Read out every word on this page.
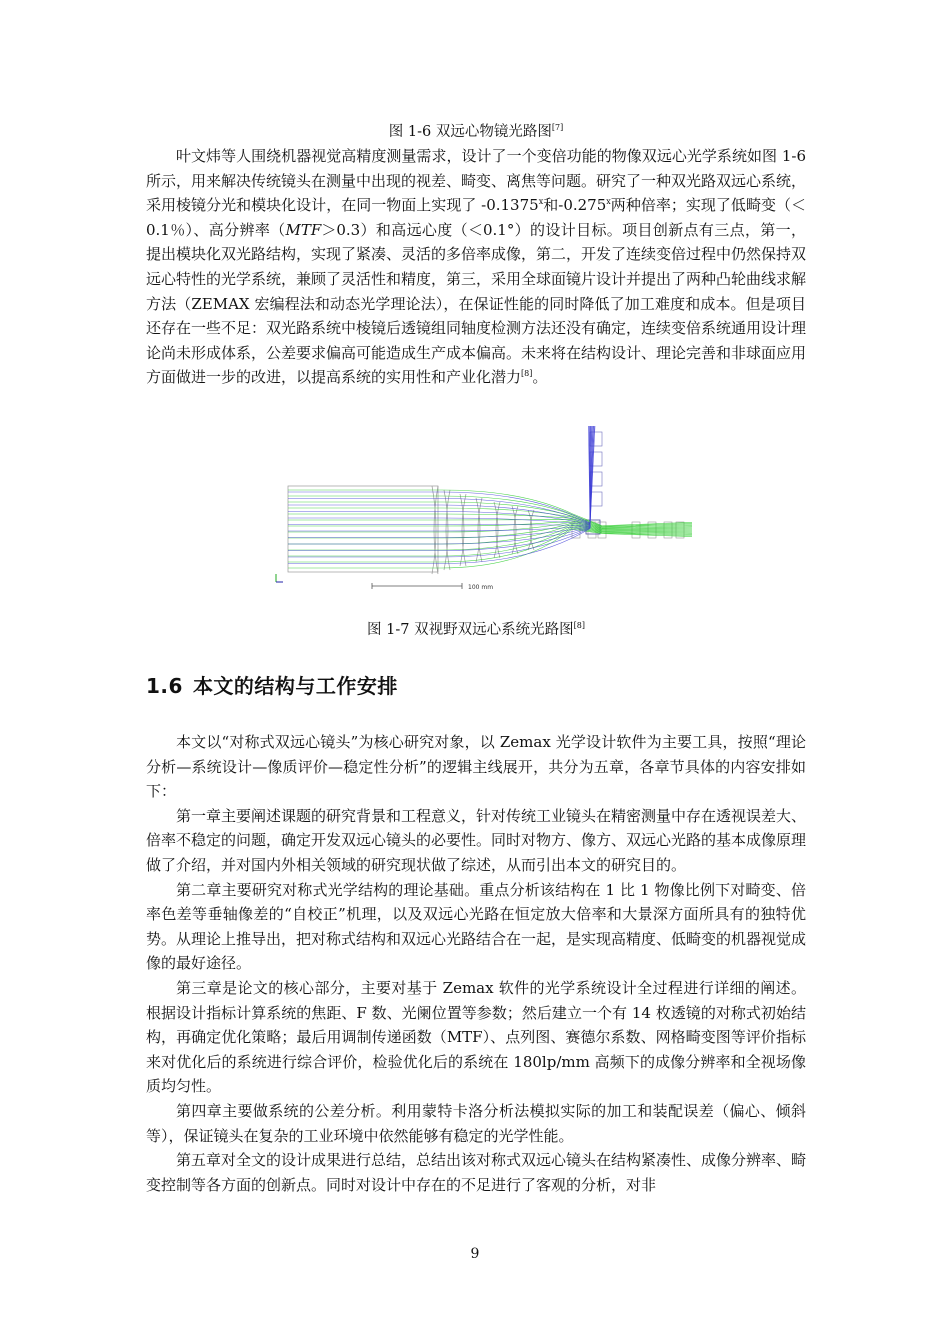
图 1-6 双远心物镜光路图[7]

叶文炜等人围绕机器视觉高精度测量需求，设计了一个变倍功能的物像双远心光学系统如图 1-6 所示，用来解决传统镜头在测量中出现的视差、畸变、离焦等问题。研究了一种双光路双远心系统，采用棱镜分光和模块化设计，在同一物面上实现了 -0.1375$^x$和-0.275$^x$两种倍率；实现了低畸变（＜0.1％）、高分辨率（MTF＞0.3）和高远心度（＜0.1°）的设计目标。项目创新点有三点，第一，提出模块化双光路结构，实现了紧凑、灵活的多倍率成像，第二，开发了连续变倍过程中仍然保持双远心特性的光学系统，兼顾了灵活性和精度，第三，采用全球面镜片设计并提出了两种凸轮曲线求解方法（ZEMAX 宏编程法和动态光学理论法），在保证性能的同时降低了加工难度和成本。但是项目还存在一些不足：双光路系统中棱镜后透镜组同轴度检测方法还没有确定，连续变倍系统通用设计理论尚未形成体系，公差要求偏高可能造成生产成本偏高。未来将在结构设计、理论完善和非球面应用方面做进一步的改进，以提高系统的实用性和产业化潜力[8]。

100 mm
图 1-7 双视野双远心系统光路图[8]
1.6 本文的结构与工作安排

本文以“对称式双远心镜头”为核心研究对象，以 Zemax 光学设计软件为主要工具，按照“理论分析—系统设计—像质评价—稳定性分析”的逻辑主线展开，共分为五章，各章节具体的内容安排如下：

第一章主要阐述课题的研究背景和工程意义，针对传统工业镜头在精密测量中存在透视误差大、倍率不稳定的问题，确定开发双远心镜头的必要性。同时对物方、像方、双远心光路的基本成像原理做了介绍，并对国内外相关领域的研究现状做了综述，从而引出本文的研究目的。

第二章主要研究对称式光学结构的理论基础。重点分析该结构在 1 比 1 物像比例下对畸变、倍率色差等垂轴像差的“自校正”机理，以及双远心光路在恒定放大倍率和大景深方面所具有的独特优势。从理论上推导出，把对称式结构和双远心光路结合在一起，是实现高精度、低畸变的机器视觉成像的最好途径。

第三章是论文的核心部分，主要对基于 Zemax 软件的光学系统设计全过程进行详细的阐述。根据设计指标计算系统的焦距、F 数、光阑位置等参数；然后建立一个有 14 枚透镜的对称式初始结构，再确定优化策略；最后用调制传递函数（MTF）、点列图、赛德尔系数、网格畸变图等评价指标来对优化后的系统进行综合评价，检验优化后的系统在 180lp/mm 高频下的成像分辨率和全视场像质均匀性。

第四章主要做系统的公差分析。利用蒙特卡洛分析法模拟实际的加工和装配误差（偏心、倾斜等），保证镜头在复杂的工业环境中依然能够有稳定的光学性能。

第五章对全文的设计成果进行总结，总结出该对称式双远心镜头在结构紧凑性、成像分辨率、畸变控制等各方面的创新点。同时对设计中存在的不足进行了客观的分析，对非

9
